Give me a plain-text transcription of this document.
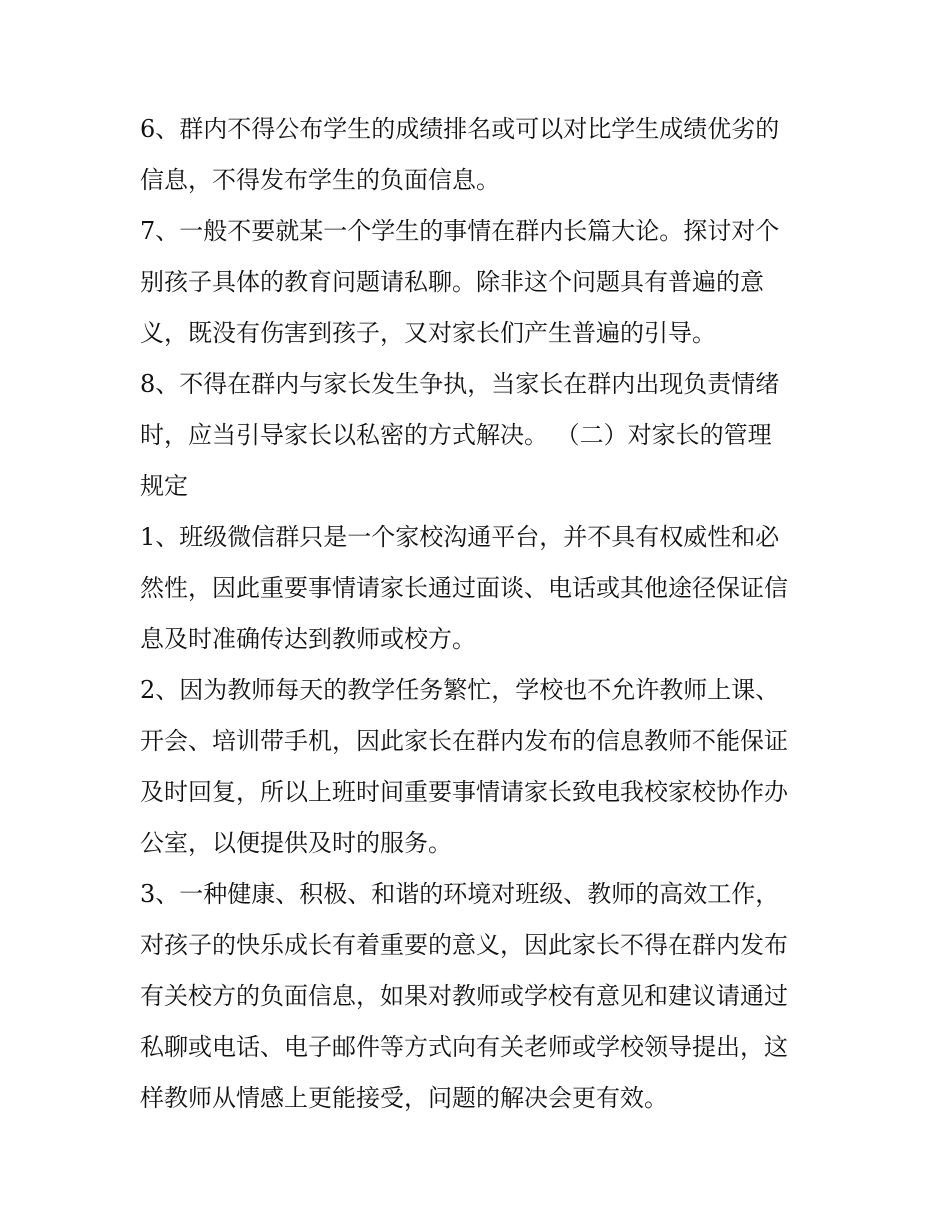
6、群内不得公布学生的成绩排名或可以对比学生成绩优劣的
信息，不得发布学生的负面信息。
7、一般不要就某一个学生的事情在群内长篇大论。探讨对个
别孩子具体的教育问题请私聊。除非这个问题具有普遍的意
义，既没有伤害到孩子，又对家长们产生普遍的引导。
8、不得在群内与家长发生争执，当家长在群内出现负责情绪
时，应当引导家长以私密的方式解决。 （二）对家长的管理
规定
1、班级微信群只是一个家校沟通平台，并不具有权威性和必
然性，因此重要事情请家长通过面谈、电话或其他途径保证信
息及时准确传达到教师或校方。
2、因为教师每天的教学任务繁忙，学校也不允许教师上课、
开会、培训带手机，因此家长在群内发布的信息教师不能保证
及时回复，所以上班时间重要事情请家长致电我校家校协作办
公室，以便提供及时的服务。
3、一种健康、积极、和谐的环境对班级、教师的高效工作，
对孩子的快乐成长有着重要的意义，因此家长不得在群内发布
有关校方的负面信息，如果对教师或学校有意见和建议请通过
私聊或电话、电子邮件等方式向有关老师或学校领导提出，这
样教师从情感上更能接受，问题的解决会更有效。
